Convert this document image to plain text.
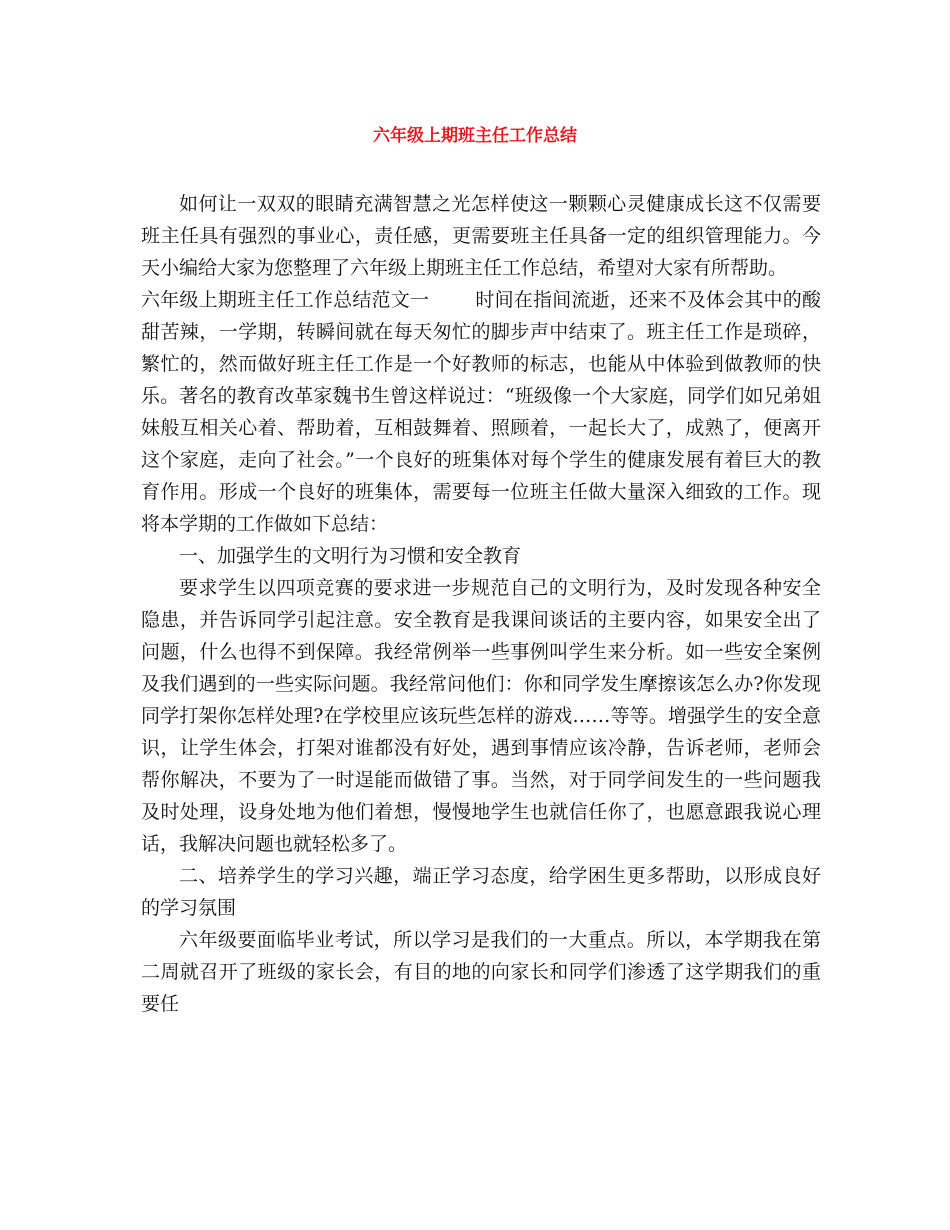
六年级上期班主任工作总结

如何让一双双的眼睛充满智慧之光怎样使这一颗颗心灵健康成长这不仅需要班主任具有强烈的事业心，责任感，更需要班主任具备一定的组织管理能力。今天小编给大家为您整理了六年级上期班主任工作总结，希望对大家有所帮助。

六年级上期班主任工作总结范文一 时间在指间流逝，还来不及体会其中的酸甜苦辣，一学期，转瞬间就在每天匆忙的脚步声中结束了。班主任工作是琐碎，繁忙的，然而做好班主任工作是一个好教师的标志，也能从中体验到做教师的快乐。著名的教育改革家魏书生曾这样说过：“班级像一个大家庭，同学们如兄弟姐妹般互相关心着、帮助着，互相鼓舞着、照顾着，一起长大了，成熟了，便离开这个家庭，走向了社会。”一个良好的班集体对每个学生的健康发展有着巨大的教育作用。形成一个良好的班集体，需要每一位班主任做大量深入细致的工作。现将本学期的工作做如下总结：

一、加强学生的文明行为习惯和安全教育

要求学生以四项竞赛的要求进一步规范自己的文明行为，及时发现各种安全隐患，并告诉同学引起注意。安全教育是我课间谈话的主要内容，如果安全出了问题，什么也得不到保障。我经常例举一些事例叫学生来分析。如一些安全案例及我们遇到的一些实际问题。我经常问他们：你和同学发生摩擦该怎么办?你发现同学打架你怎样处理?在学校里应该玩些怎样的游戏……等等。增强学生的安全意识，让学生体会，打架对谁都没有好处，遇到事情应该冷静，告诉老师，老师会帮你解决，不要为了一时逞能而做错了事。当然，对于同学间发生的一些问题我及时处理，设身处地为他们着想，慢慢地学生也就信任你了，也愿意跟我说心理话，我解决问题也就轻松多了。

二、培养学生的学习兴趣，端正学习态度，给学困生更多帮助，以形成良好的学习氛围

六年级要面临毕业考试，所以学习是我们的一大重点。所以，本学期我在第二周就召开了班级的家长会，有目的地的向家长和同学们渗透了这学期我们的重要任
